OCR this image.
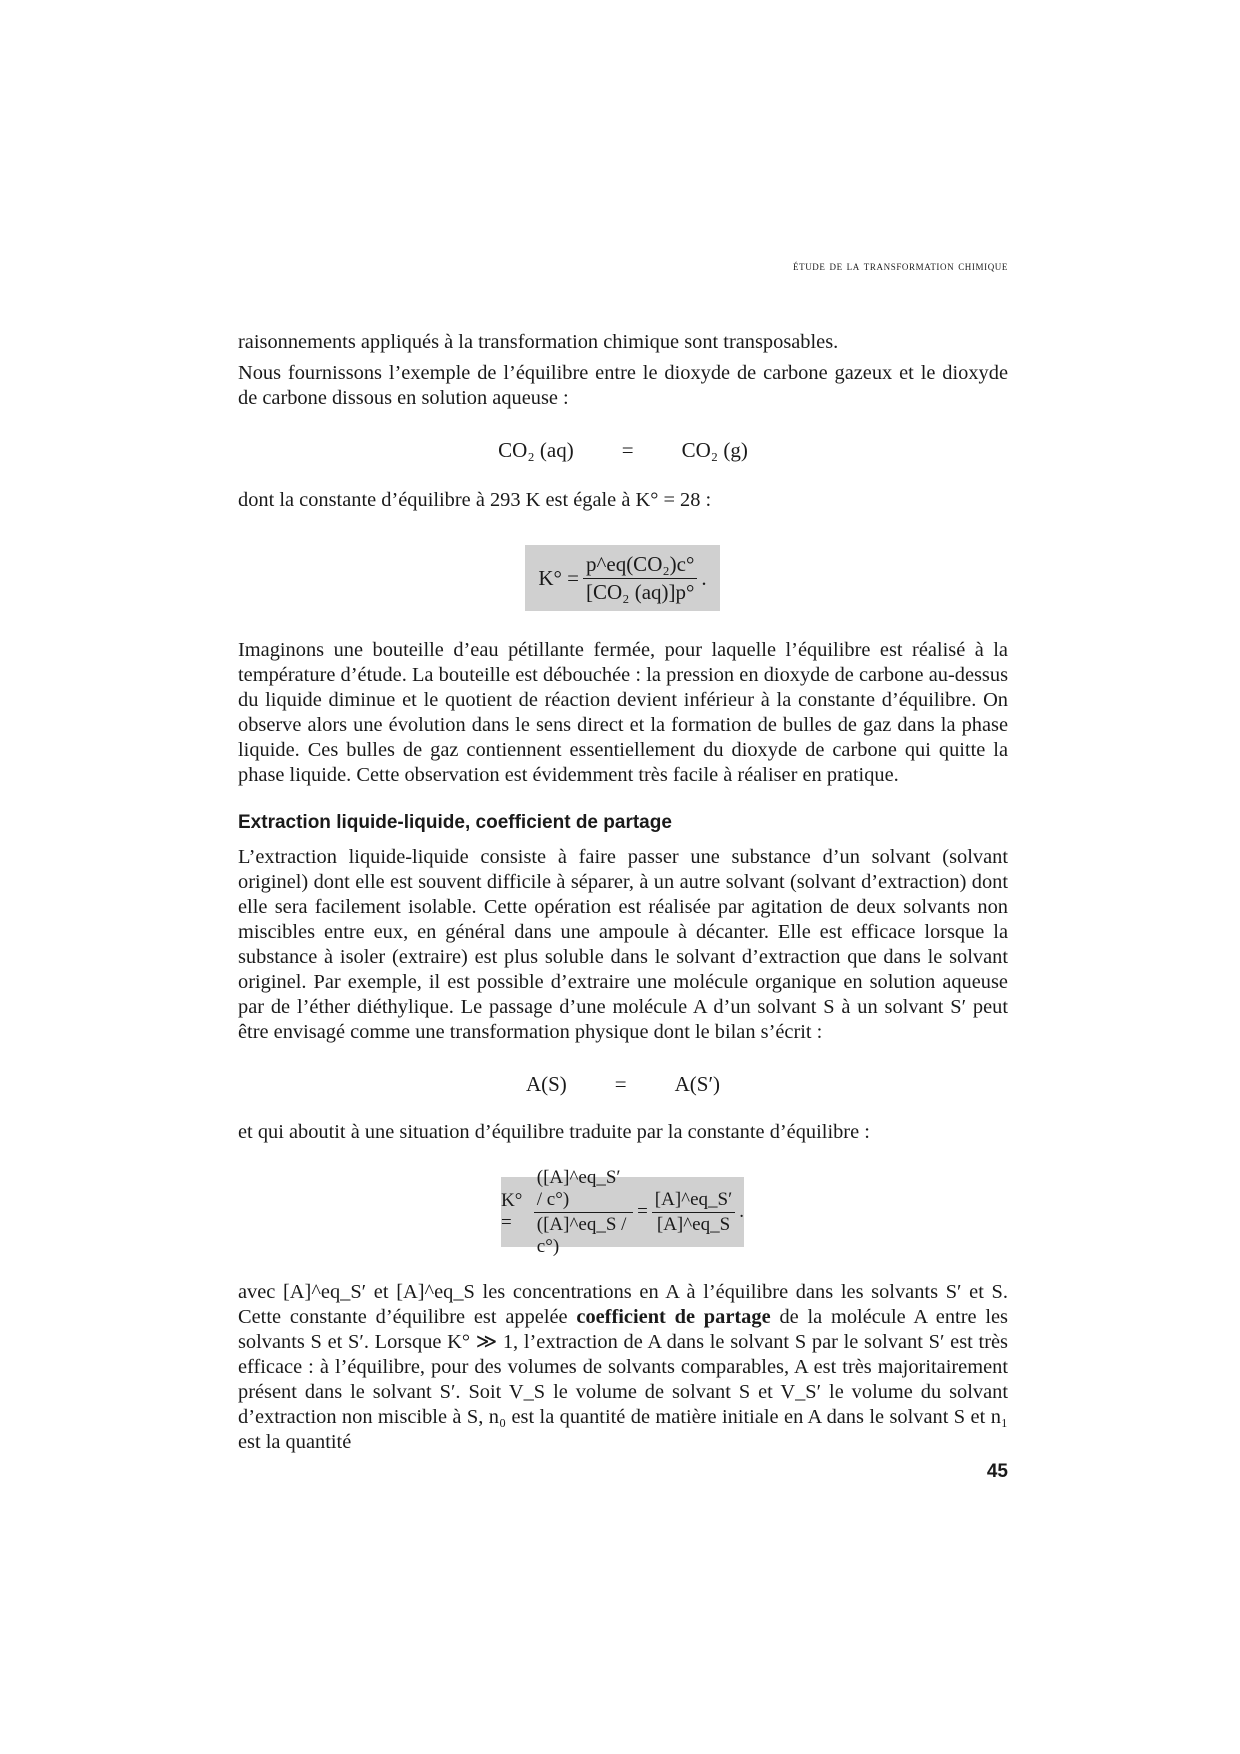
étude de la transformation chimique

raisonnements appliqués à la transformation chimique sont transposables.

Nous fournissons l’exemple de l’équilibre entre le dioxyde de carbone gazeux et le dioxyde de carbone dissous en solution aqueuse :

CO₂ (aq) = CO₂ (g)

dont la constante d’équilibre à 293 K est égale à K° = 28 :

$K^\circ = \frac{\text{p\textasciicircum{}eq(CO₂)c°}}{\text{[CO₂ (aq)]p°}}$ .

Imaginons une bouteille d’eau pétillante fermée, pour laquelle l’équilibre est réalisé à la température d’étude. La bouteille est débouchée : la pression en dioxyde de carbone au-dessus du liquide diminue et le quotient de réaction devient inférieur à la constante d’équilibre. On observe alors une évolution dans le sens direct et la formation de bulles de gaz dans la phase liquide. Ces bulles de gaz contiennent essentiellement du dioxyde de carbone qui quitte la phase liquide. Cette observation est évidemment très facile à réaliser en pratique.

Extraction liquide-liquide, coefficient de partage

L’extraction liquide-liquide consiste à faire passer une substance d’un solvant (solvant originel) dont elle est souvent difficile à séparer, à un autre solvant (solvant d’extraction) dont elle sera facilement isolable. Cette opération est réalisée par agitation de deux solvants non miscibles entre eux, en général dans une ampoule à décanter. Elle est efficace lorsque la substance à isoler (extraire) est plus soluble dans le solvant d’extraction que dans le solvant originel. Par exemple, il est possible d’extraire une molécule organique en solution aqueuse par de l’éther diéthylique. Le passage d’une molécule A d’un solvant S à un solvant S′ peut être envisagé comme une transformation physique dont le bilan s’écrit :

A(S) = A(S′)

et qui aboutit à une situation d’équilibre traduite par la constante d’équilibre :

K° =	$\frac{([A]\^{}eq\_S' / c^\circ)}{([A]\^{}eq\_S / c^\circ)} = \frac{[A]\^{}eq\_S'}{[A]\^{}eq\_S}$ .

avec [A]^eq_S′ et [A]^eq_S les concentrations en A à l’équilibre dans les solvants S′ et S. Cette constante d’équilibre est appelée coefficient de partage de la molécule A entre les solvants S et S′. Lorsque K° ≫ 1, l’extraction de A dans le solvant S par le solvant S′ est très efficace : à l’équilibre, pour des volumes de solvants comparables, A est très majoritairement présent dans le solvant S′. Soit V_S le volume de solvant S et V_S′ le volume du solvant d’extraction non miscible à S, n₀ est la quantité de matière initiale en A dans le solvant S et n₁ est la quantité

45
